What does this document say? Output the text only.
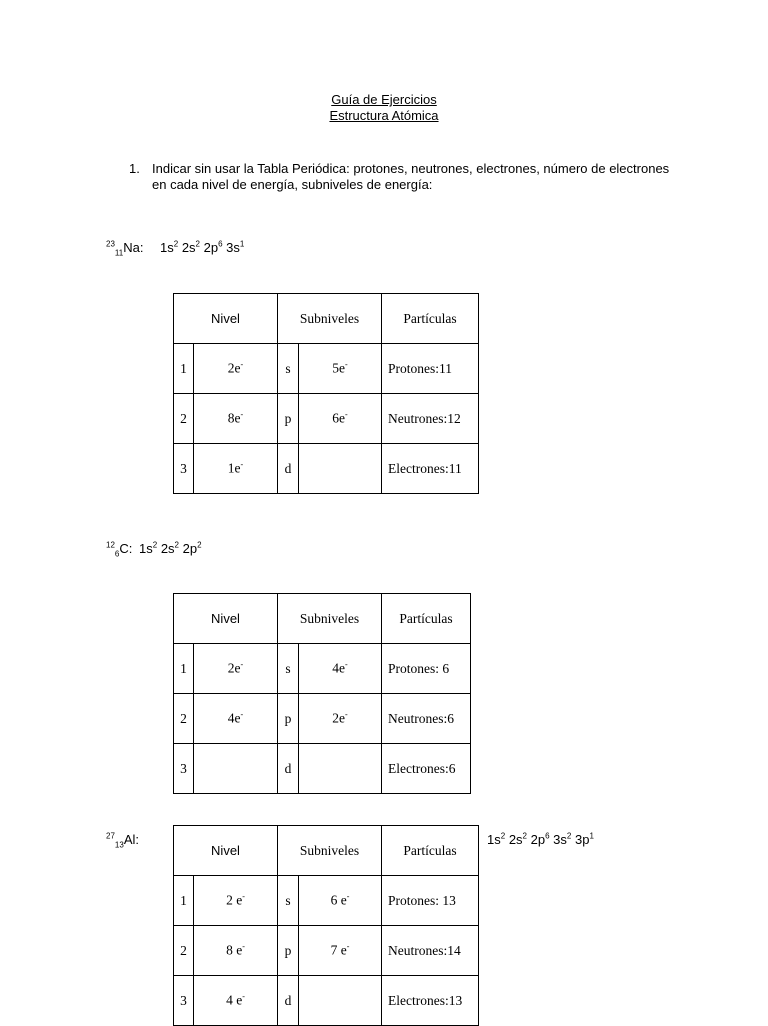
Guía de Ejercicios
Estructura Atómica
1. Indicar sin usar la Tabla Periódica: protones, neutrones, electrones, número de electrones en cada nivel de energía, subniveles de energía:
$^{23}_{11}$Na: $1s^2$ $2s^2$ $2p^6$ $3s^1$
Nivel		Subniveles		Partículas
1	2e-	s	5e-	Protones:11
2	8e-	p	6e-	Neutrones:12
3	1e-	d		Electrones:11
$^{12}_6$C: $1s^2$ $2s^2$ $2p^2$
Nivel		Subniveles		Partículas
1	2e-	s	4e-	Protones: 6
2	4e-	p	2e-	Neutrones:6
3		d		Electrones:6
$^{27}_{13}$Al:	$1s^2$ $2s^2$ $2p^6$ $3s^2$ $3p^1$
Nivel		Subniveles		Partículas
1	2 e-	s	6 e-	Protones: 13
2	8 e-	p	7 e-	Neutrones:14
3	4 e-	d		Electrones:13
